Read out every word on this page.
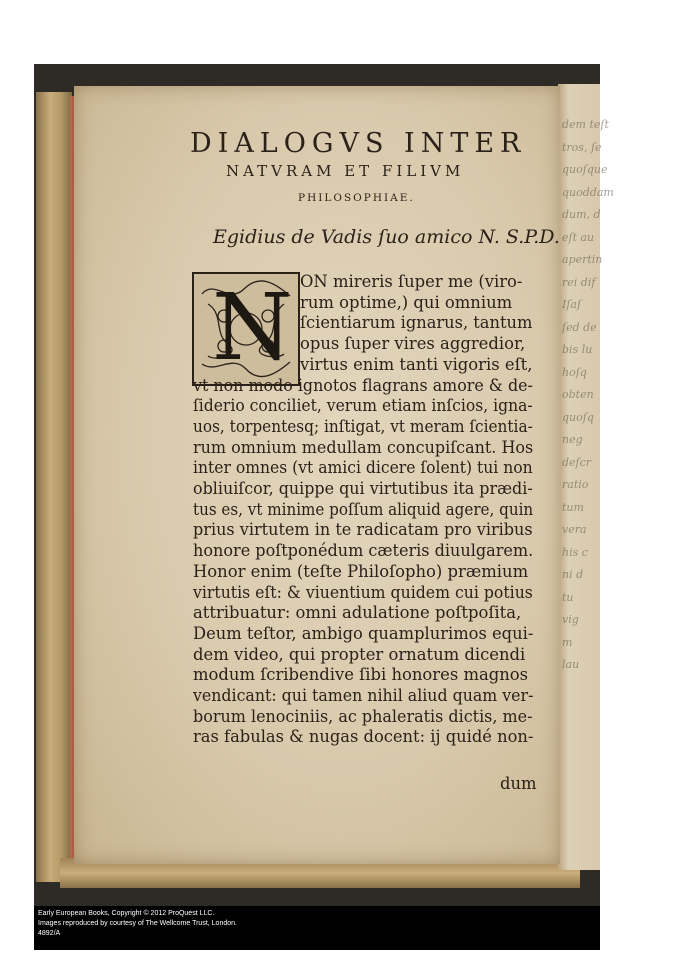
dem teſt
tros, ſe
quoſque
quoddam
dum, d
eſt au
apertin
rei dif
Iſaſ
ſed de
bis lu
hoſq
obten
quoſq
neg
deſcr
ratio
tum
vera
his c
ni d
tu
vig
m
lau
DIALOGVS INTER
NATVRAM ET FILIVM
PHILOSOPHIAE.
Egidius de Vadis ſuo amico N. S.P.D.
N ON mireris ſuper me (viro-
rum optime,) qui omnium
ſcientiarum ignarus, tantum
opus ſuper vires aggredior,
virtus enim tanti vigoris eſt,
vt non modo ignotos flagrans amore & de-
ſiderio conciliet, verum etiam inſcios, igna-
uos, torpentesq; inſtigat, vt meram ſcientia-
rum omnium medullam concupiſcant. Hos
inter omnes (vt amici dicere ſolent) tui non
obliuiſcor, quippe qui virtutibus ita prædi-
tus es, vt minime poſſum aliquid agere, quin
prius virtutem in te radicatam pro viribus
honore poſtponédum cæteris diuulgarem.
Honor enim (teſte Philoſopho) præmium
virtutis eſt: & viuentium quidem cui potius
attribuatur: omni adulatione poſtpoſita,
Deum teſtor, ambigo quamplurimos equi-
dem video, qui propter ornatum dicendi
modum ſcribendive ſibi honores magnos
vendicant: qui tamen nihil aliud quam ver-
borum lenociniis, ac phaleratis dictis, me-
ras fabulas & nugas docent: ij quidé non-
dum
Early European Books, Copyright © 2012 ProQuest LLC.
Images reproduced by courtesy of The Wellcome Trust, London.
4892/A
